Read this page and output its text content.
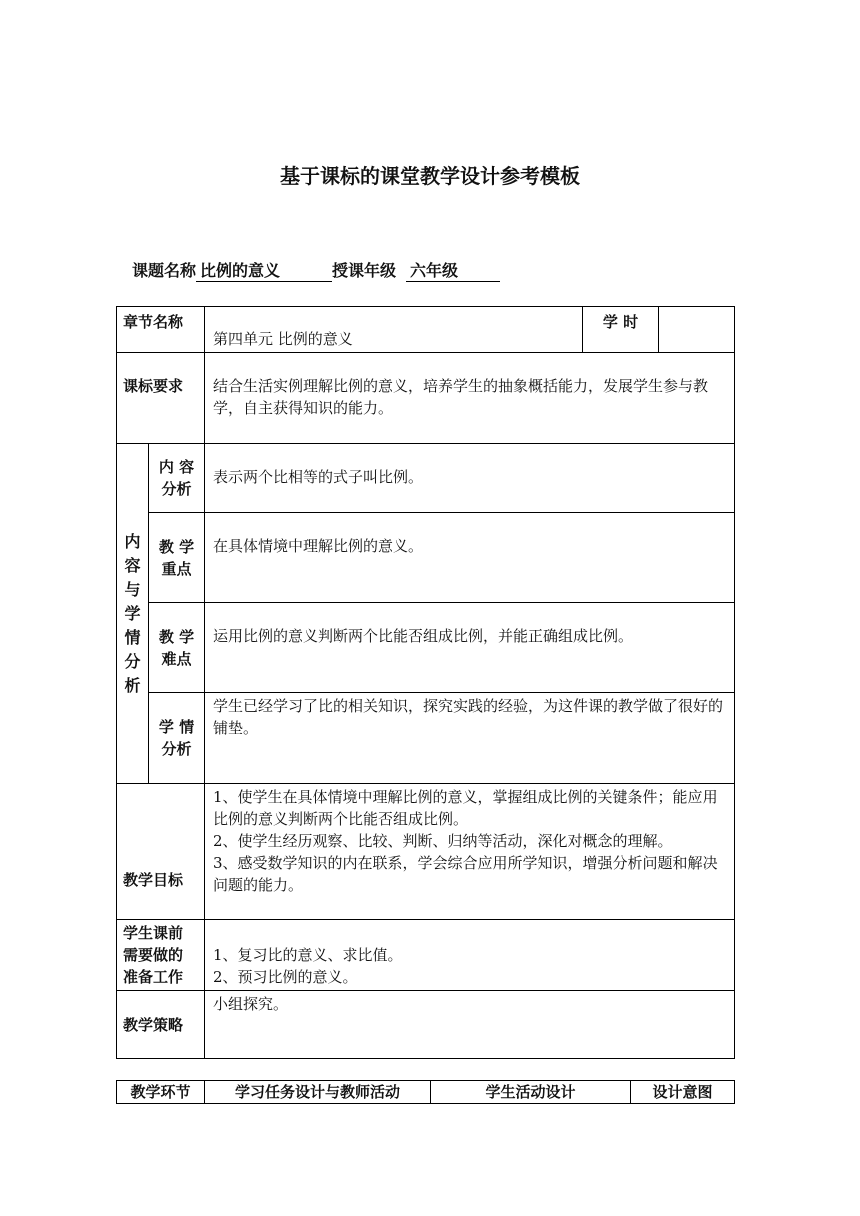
基于课标的课堂教学设计参考模板
课题名称 比例的意义	授课年级 六年级
章节名称		第四单元 比例的意义	学 时	
课标要求		结合生活实例理解比例的意义，培养学生的抽象概括能力，发展学生参与教学，自主获得知识的能力。		

内容与学情分析	内 容 分析	表示两个比相等的式子叫比例。		

	教 学 重点	在具体情境中理解比例的意义。		

	教 学 难点	运用比例的意义判断两个比能否组成比例，并能正确组成比例。		

	学 情 分析	学生已经学习了比的相关知识，探究实践的经验，为这件课的教学做了很好的铺垫。		
教学目标		1、使学生在具体情境中理解比例的意义，掌握组成比例的关键条件；能应用比例的意义判断两个比能否组成比例。
2、使学生经历观察、比较、判断、归纳等活动，深化对概念的理解。
3、感受数学知识的内在联系，学会综合应用所学知识，增强分析问题和解决问题的能力。		

学生课前需要做的准备工作		1、复习比的意义、求比值。
2、预习比例的意义。		

教学策略		小组探究。		
教学环节	学习任务设计与教师活动	学生活动设计	设计意图
